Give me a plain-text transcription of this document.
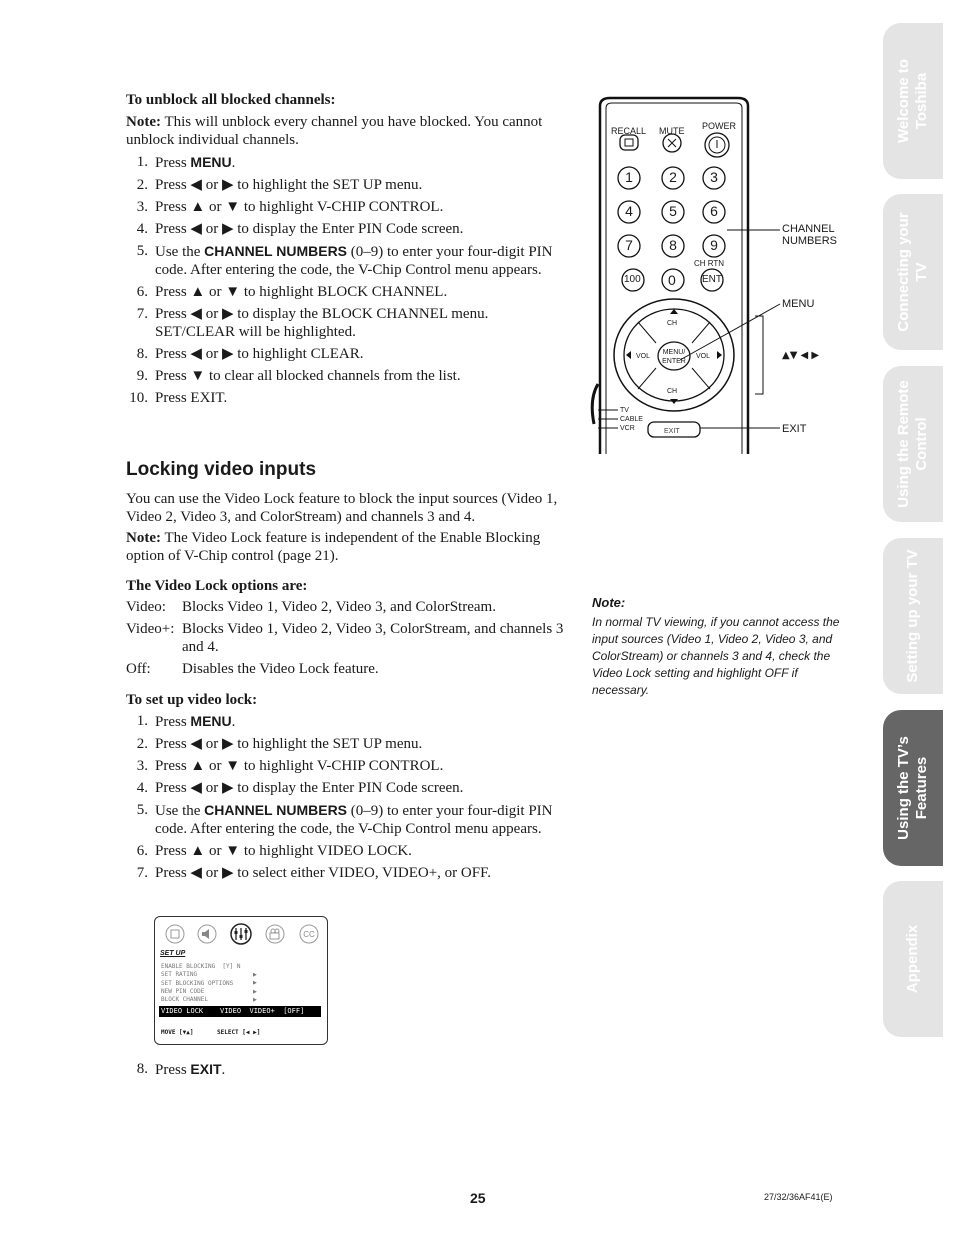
To unblock all blocked channels:
Note: This will unblock every channel you have blocked. You cannot unblock individual channels.
1. Press MENU.
2. Press ◀ or ▶ to highlight the SET UP menu.
3. Press ▲ or ▼ to highlight V-CHIP CONTROL.
4. Press ◀ or ▶ to display the Enter PIN Code screen.
5. Use the CHANNEL NUMBERS (0–9) to enter your four-digit PIN code. After entering the code, the V-Chip Control menu appears.
6. Press ▲ or ▼ to highlight BLOCK CHANNEL.
7. Press ◀ or ▶ to display the BLOCK CHANNEL menu. SET/CLEAR will be highlighted.
8. Press ◀ or ▶ to highlight CLEAR.
9. Press ▼ to clear all blocked channels from the list.
10. Press EXIT.
Locking video inputs
You can use the Video Lock feature to block the input sources (Video 1, Video 2, Video 3, and ColorStream) and channels 3 and 4.
Note: The Video Lock feature is independent of the Enable Blocking option of V-Chip control (page 21).
The Video Lock options are:
Video: Blocks Video 1, Video 2, Video 3, and ColorStream.
Video+: Blocks Video 1, Video 2, Video 3, ColorStream, and channels 3 and 4.
Off: Disables the Video Lock feature.
To set up video lock:
1. Press MENU.
2. Press ◀ or ▶ to highlight the SET UP menu.
3. Press ▲ or ▼ to highlight V-CHIP CONTROL.
4. Press ◀ or ▶ to display the Enter PIN Code screen.
5. Use the CHANNEL NUMBERS (0–9) to enter your four-digit PIN code. After entering the code, the V-Chip Control menu appears.
6. Press ▲ or ▼ to highlight VIDEO LOCK.
7. Press ◀ or ▶ to select either VIDEO, VIDEO+, or OFF.
CC
SET UP
ENABLE BLOCKING  [Y] N
SET RATING
SET BLOCKING OPTIONS
NEW PIN CODE
BLOCK CHANNEL
▶
▶
▶
▶
VIDEO LOCK    VIDEO  VIDEO+  [OFF]
MOVE [▼▲]	SELECT [◀ ▶]
8. Press EXIT.
RECALL MUTE POWER
1	2 3
4	5 6
7	8 9
100 0	ENT
CH RTN
CH
CH
VOL	VOL
MENU/ ENTER
TV
CABLE
VCR	EXIT
CHANNEL NUMBERS
MENU
▲▼ ◀ ▶
EXIT
Note:
In normal TV viewing, if you cannot access the input sources (Video 1, Video 2, Video 3, and ColorStream) or channels 3 and 4, check the Video Lock setting and highlight OFF if necessary.
Welcome to Toshiba
Connecting your TV
Using the Remote Control
Setting up your TV
Using the TV’s Features
Appendix
25	27/32/36AF41(E)
